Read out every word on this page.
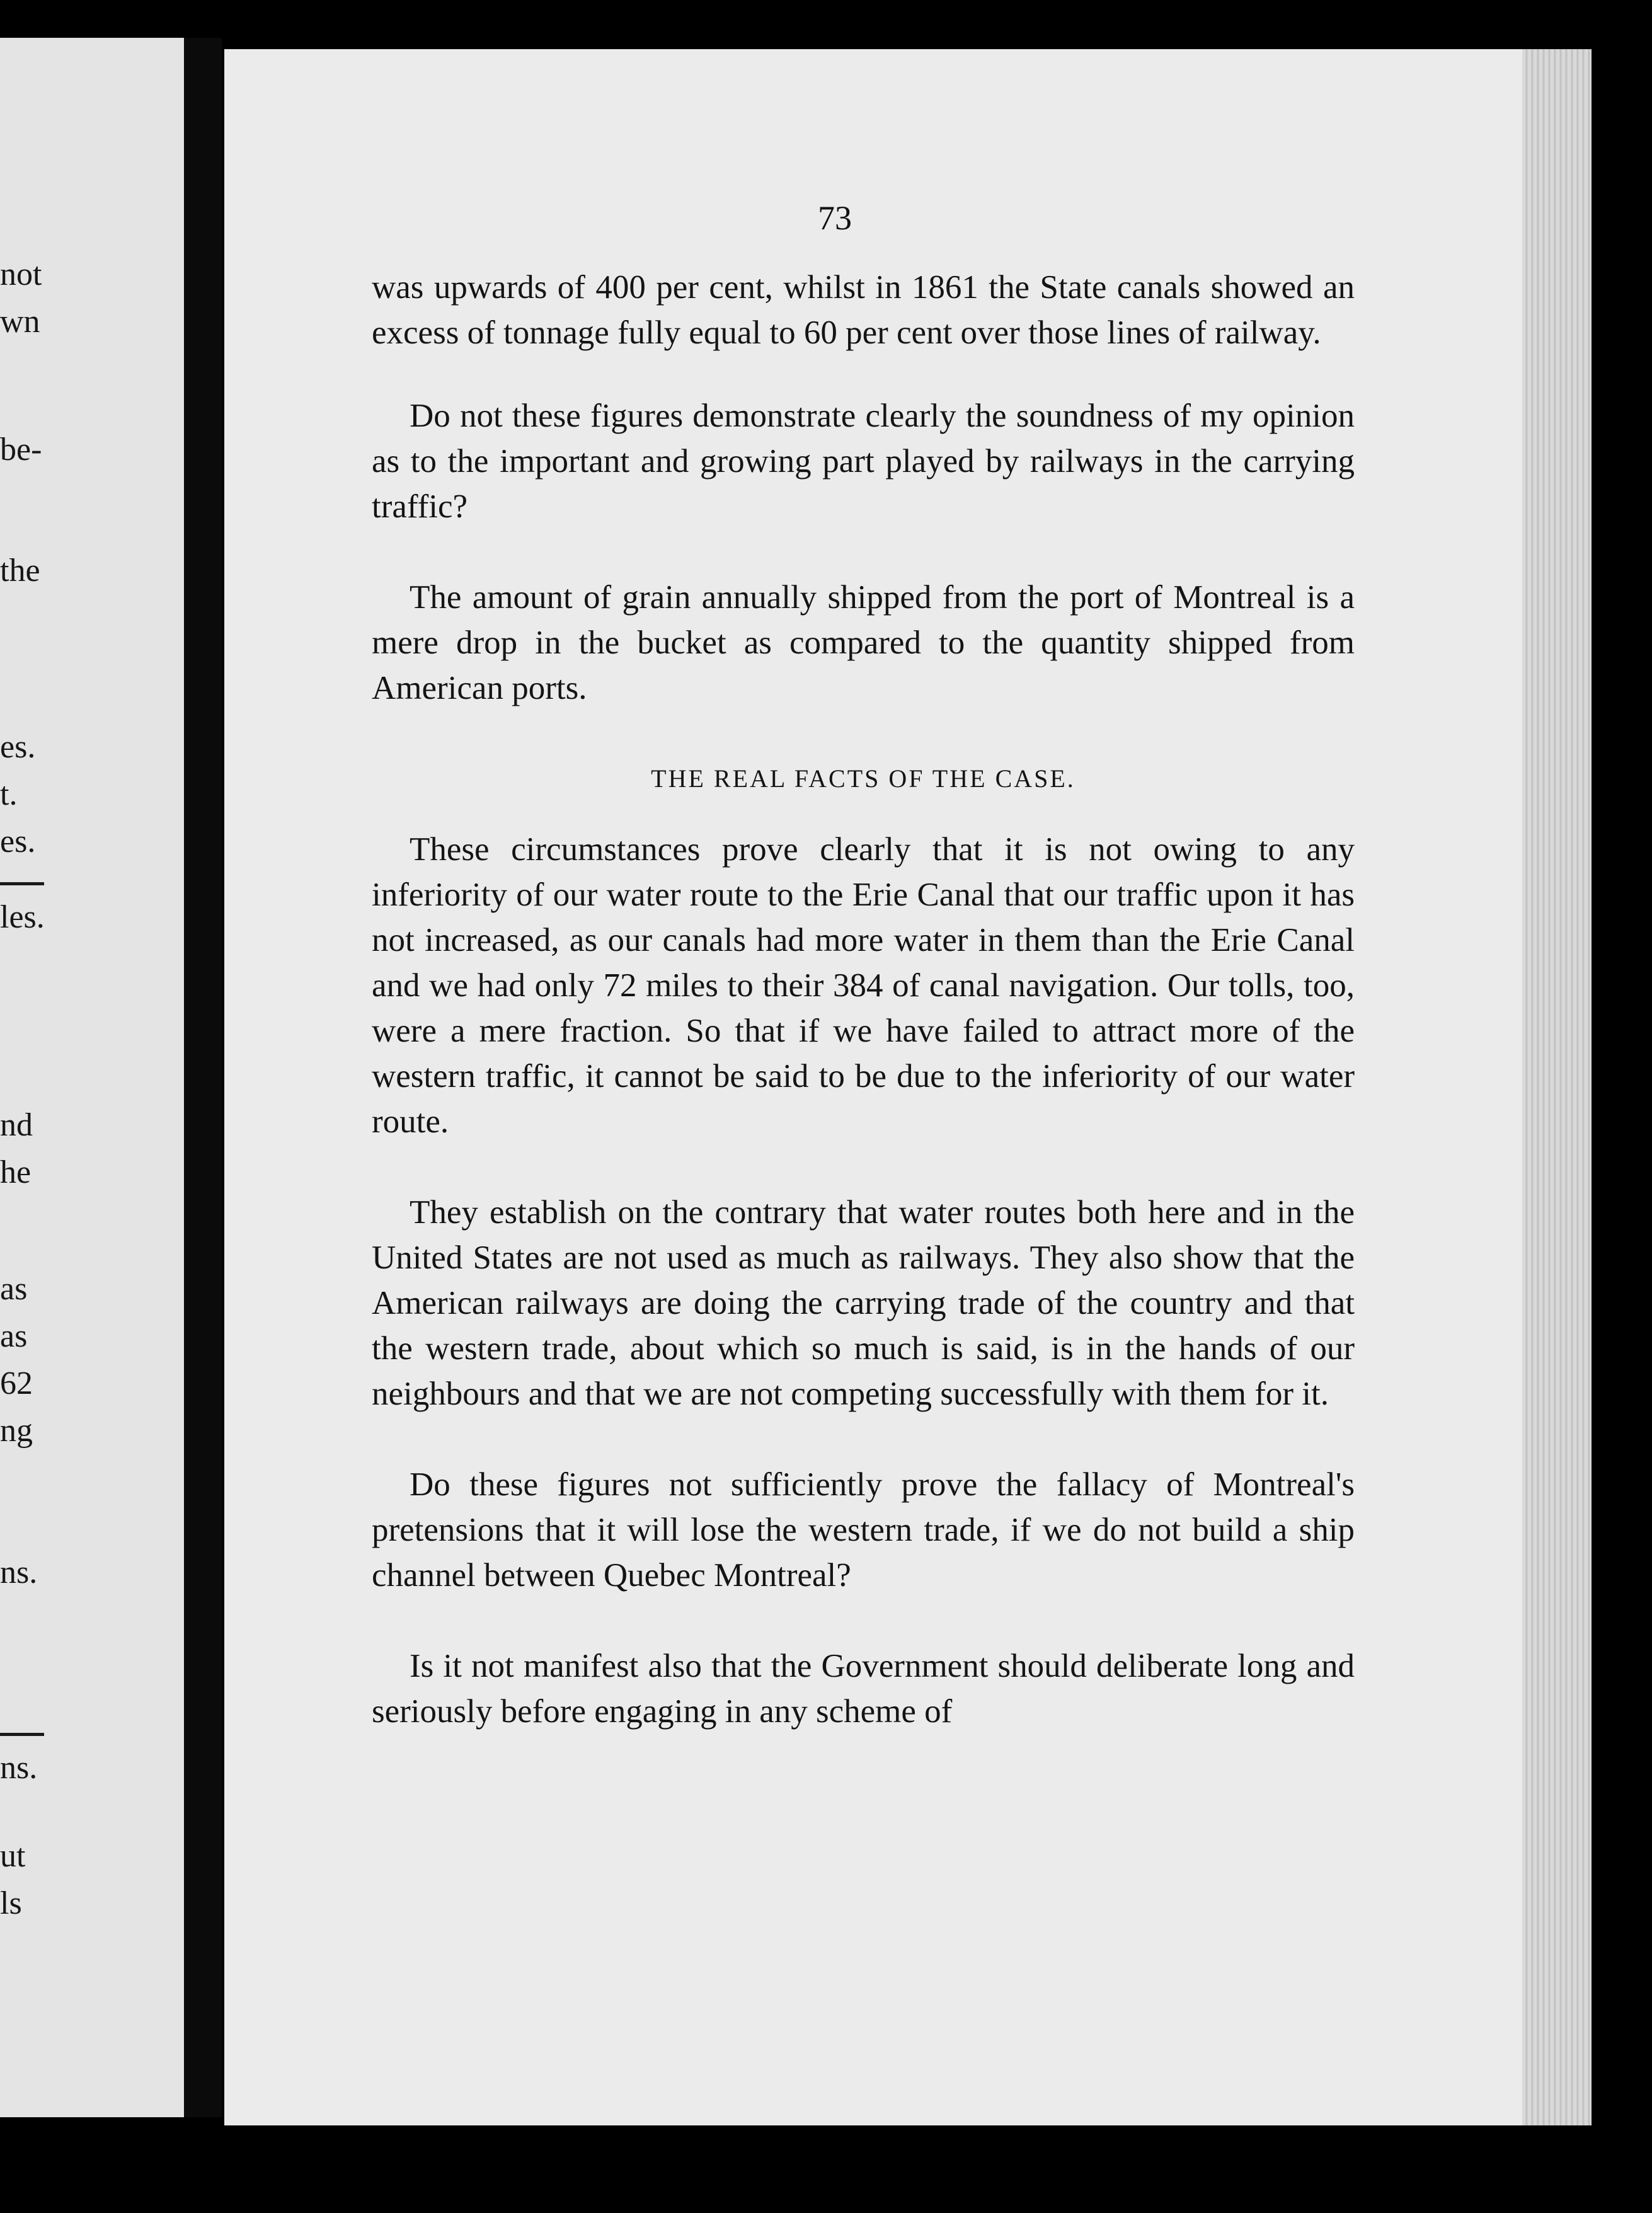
not
wn
be-
the
es.
t.
es.
les.
nd
he
as
as
62
ng
ns.
ns.
ut
ls
73

was upwards of 400 per cent, whilst in 1861 the State canals showed an excess of tonnage fully equal to 60 per cent over those lines of railway.

Do not these figures demonstrate clearly the soundness of my opinion as to the important and growing part played by railways in the carrying traffic?

The amount of grain annually shipped from the port of Montreal is a mere drop in the bucket as compared to the quantity shipped from American ports.

THE REAL FACTS OF THE CASE.

These circumstances prove clearly that it is not owing to any inferiority of our water route to the Erie Canal that our traffic upon it has not increased, as our canals had more water in them than the Erie Canal and we had only 72 miles to their 384 of canal navigation. Our tolls, too, were a mere fraction. So that if we have failed to attract more of the western traffic, it cannot be said to be due to the inferiority of our water route.

They establish on the contrary that water routes both here and in the United States are not used as much as railways. They also show that the American railways are doing the carrying trade of the country and that the western trade, about which so much is said, is in the hands of our neighbours and that we are not competing successfully with them for it.

Do these figures not sufficiently prove the fallacy of Montreal's pretensions that it will lose the western trade, if we do not build a ship channel between Quebec Montreal?

Is it not manifest also that the Government should deliberate long and seriously before engaging in any scheme of
